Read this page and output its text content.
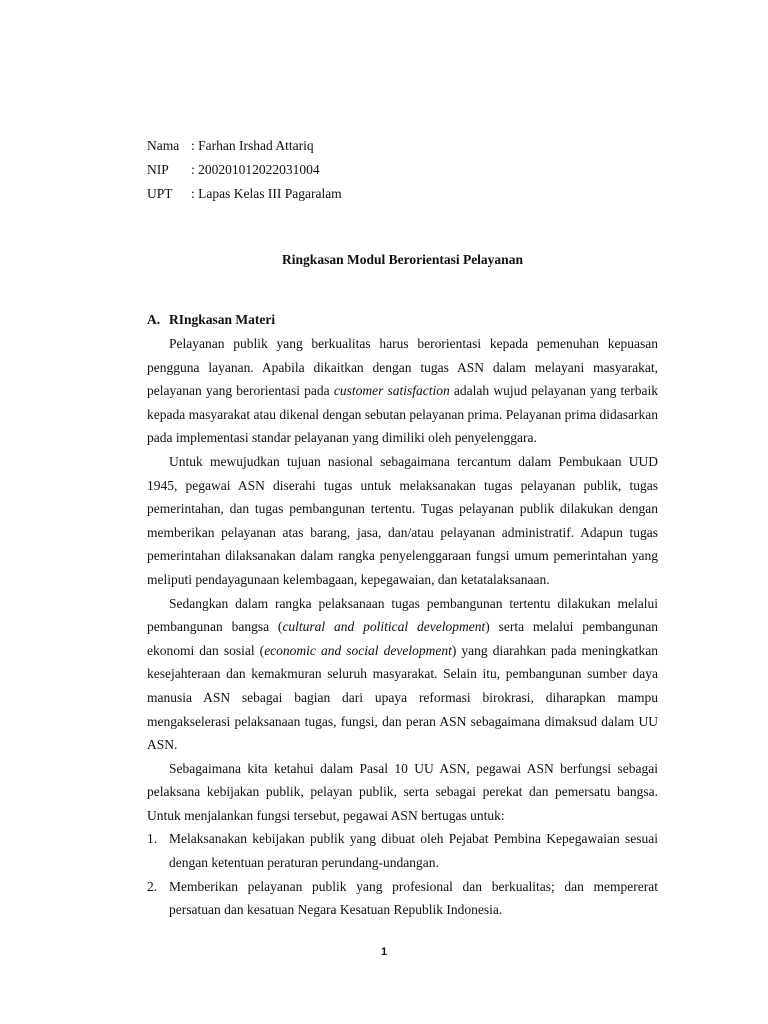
Nama : Farhan Irshad Attariq
NIP	: 200201012022031004
UPT	: Lapas Kelas III Pagaralam
Ringkasan Modul Berorientasi Pelayanan
A. RIngkasan Materi

Pelayanan publik yang berkualitas harus berorientasi kepada pemenuhan kepuasan pengguna layanan. Apabila dikaitkan dengan tugas ASN dalam melayani masyarakat, pelayanan yang berorientasi pada customer satisfaction adalah wujud pelayanan yang terbaik kepada masyarakat atau dikenal dengan sebutan pelayanan prima. Pelayanan prima didasarkan pada implementasi standar pelayanan yang dimiliki oleh penyelenggara.

Untuk mewujudkan tujuan nasional sebagaimana tercantum dalam Pembukaan UUD 1945, pegawai ASN diserahi tugas untuk melaksanakan tugas pelayanan publik, tugas pemerintahan, dan tugas pembangunan tertentu. Tugas pelayanan publik dilakukan dengan memberikan pelayanan atas barang, jasa, dan/atau pelayanan administratif. Adapun tugas pemerintahan dilaksanakan dalam rangka penyelenggaraan fungsi umum pemerintahan yang meliputi pendayagunaan kelembagaan, kepegawaian, dan ketatalaksanaan.

Sedangkan dalam rangka pelaksanaan tugas pembangunan tertentu dilakukan melalui pembangunan bangsa (cultural and political development) serta melalui pembangunan ekonomi dan sosial (economic and social development) yang diarahkan pada meningkatkan kesejahteraan dan kemakmuran seluruh masyarakat. Selain itu, pembangunan sumber daya manusia ASN sebagai bagian dari upaya reformasi birokrasi, diharapkan mampu mengakselerasi pelaksanaan tugas, fungsi, dan peran ASN sebagaimana dimaksud dalam UU ASN.

Sebagaimana kita ketahui dalam Pasal 10 UU ASN, pegawai ASN berfungsi sebagai pelaksana kebijakan publik, pelayan publik, serta sebagai perekat dan pemersatu bangsa. Untuk menjalankan fungsi tersebut, pegawai ASN bertugas untuk:

1. Melaksanakan kebijakan publik yang dibuat oleh Pejabat Pembina Kepegawaian sesuai dengan ketentuan peraturan perundang-undangan.
2. Memberikan pelayanan publik yang profesional dan berkualitas; dan mempererat persatuan dan kesatuan Negara Kesatuan Republik Indonesia.
1
